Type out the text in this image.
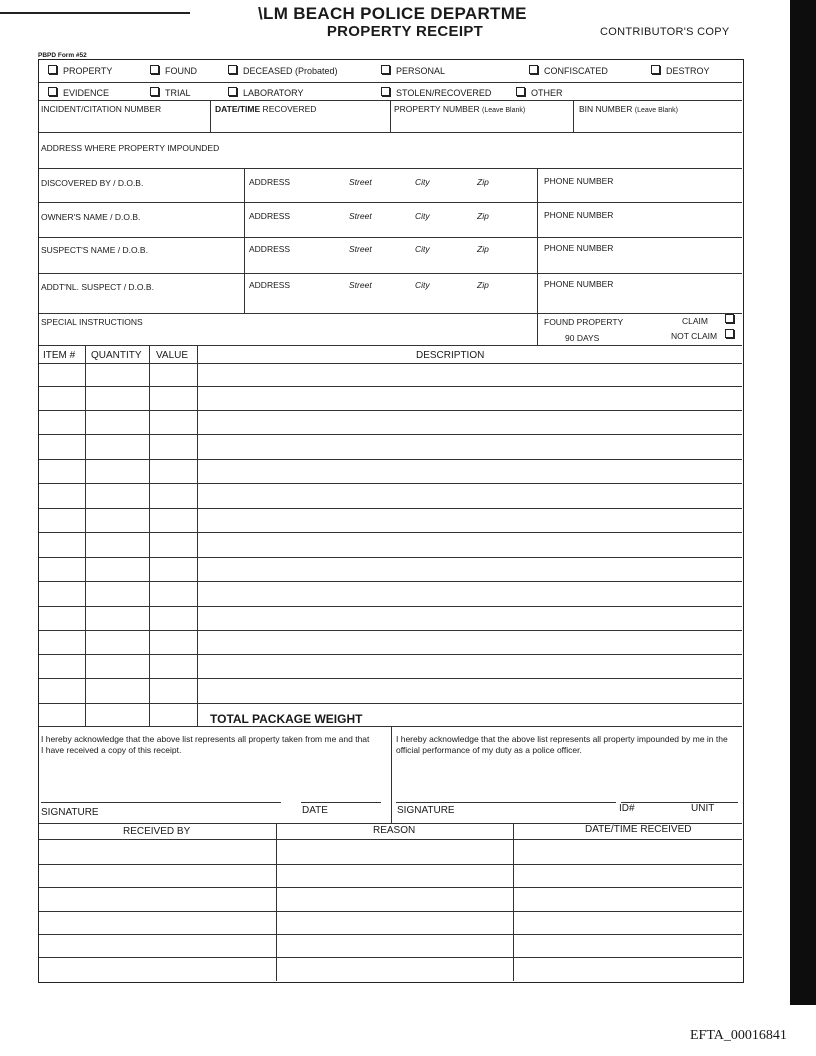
\LM BEACH POLICE DEPARTME
PROPERTY RECEIPT	CONTRIBUTOR'S COPY
PBPD Form #52
PROPERTY	FOUND	DECEASED (Probated)	PERSONAL	CONFISCATED	DESTROY
EVIDENCE	TRIAL	LABORATORY	STOLEN/RECOVERED	OTHER
INCIDENT/CITATION NUMBER	DATE/TIME RECOVERED	PROPERTY NUMBER (Leave Blank)	BIN NUMBER (Leave Blank)
ADDRESS WHERE PROPERTY IMPOUNDED
DISCOVERED BY / D.O.B.	ADDRESS	Street	City	Zip	PHONE NUMBER
OWNER'S NAME / D.O.B.	ADDRESS	Street	City	Zip	PHONE NUMBER
SUSPECT'S NAME / D.O.B.	ADDRESS	Street	City	Zip	PHONE NUMBER
ADDT'NL. SUSPECT / D.O.B.	ADDRESS	Street	City	Zip	PHONE NUMBER
SPECIAL INSTRUCTIONS	FOUND PROPERTY
90 DAYS
CLAIM
NOT CLAIM
ITEM # QUANTITY VALUE	DESCRIPTION
TOTAL PACKAGE WEIGHT
I hereby acknowledge that the above list represents all property taken from me and that I have received a copy of this receipt.
I hereby acknowledge that the above list represents all property impounded by me in the official performance of my duty as a police officer.
SIGNATURE	DATE	SIGNATURE	ID#	UNIT
RECEIVED BY	REASON	DATE/TIME RECEIVED
EFTA_00016841
